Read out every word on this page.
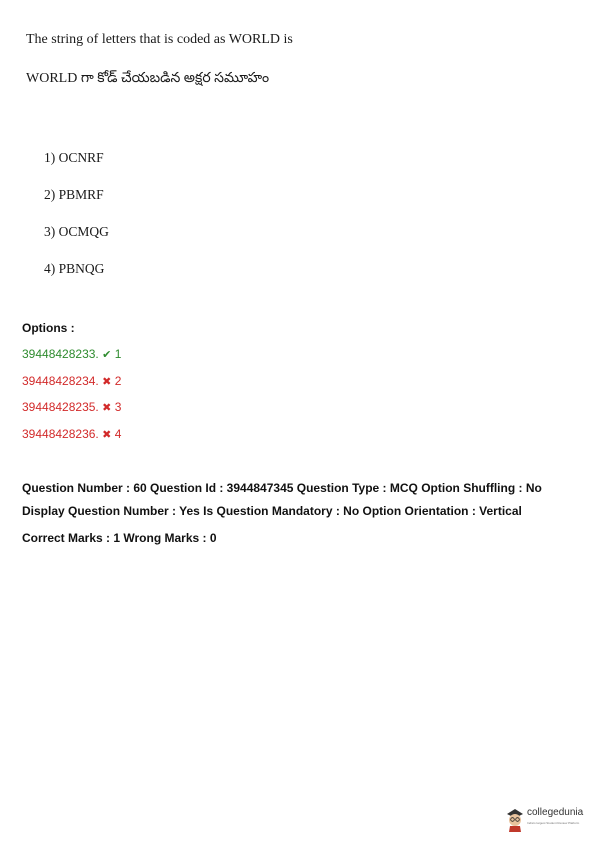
The string of letters that is coded as WORLD is
WORLD గా కోడ్ చేయబడిన అక్షర సమూహం
1) OCNRF
2) PBMRF
3) OCMQG
4) PBNQG
Options :
39448428233. ✔ 1
39448428234. ✖ 2
39448428235. ✖ 3
39448428236. ✖ 4
Question Number : 60 Question Id : 3944847345 Question Type : MCQ Option Shuffling : No
Display Question Number : Yes Is Question Mandatory : No Option Orientation : Vertical
Correct Marks : 1 Wrong Marks : 0
collegedunia
India's largest Student Review Platform
